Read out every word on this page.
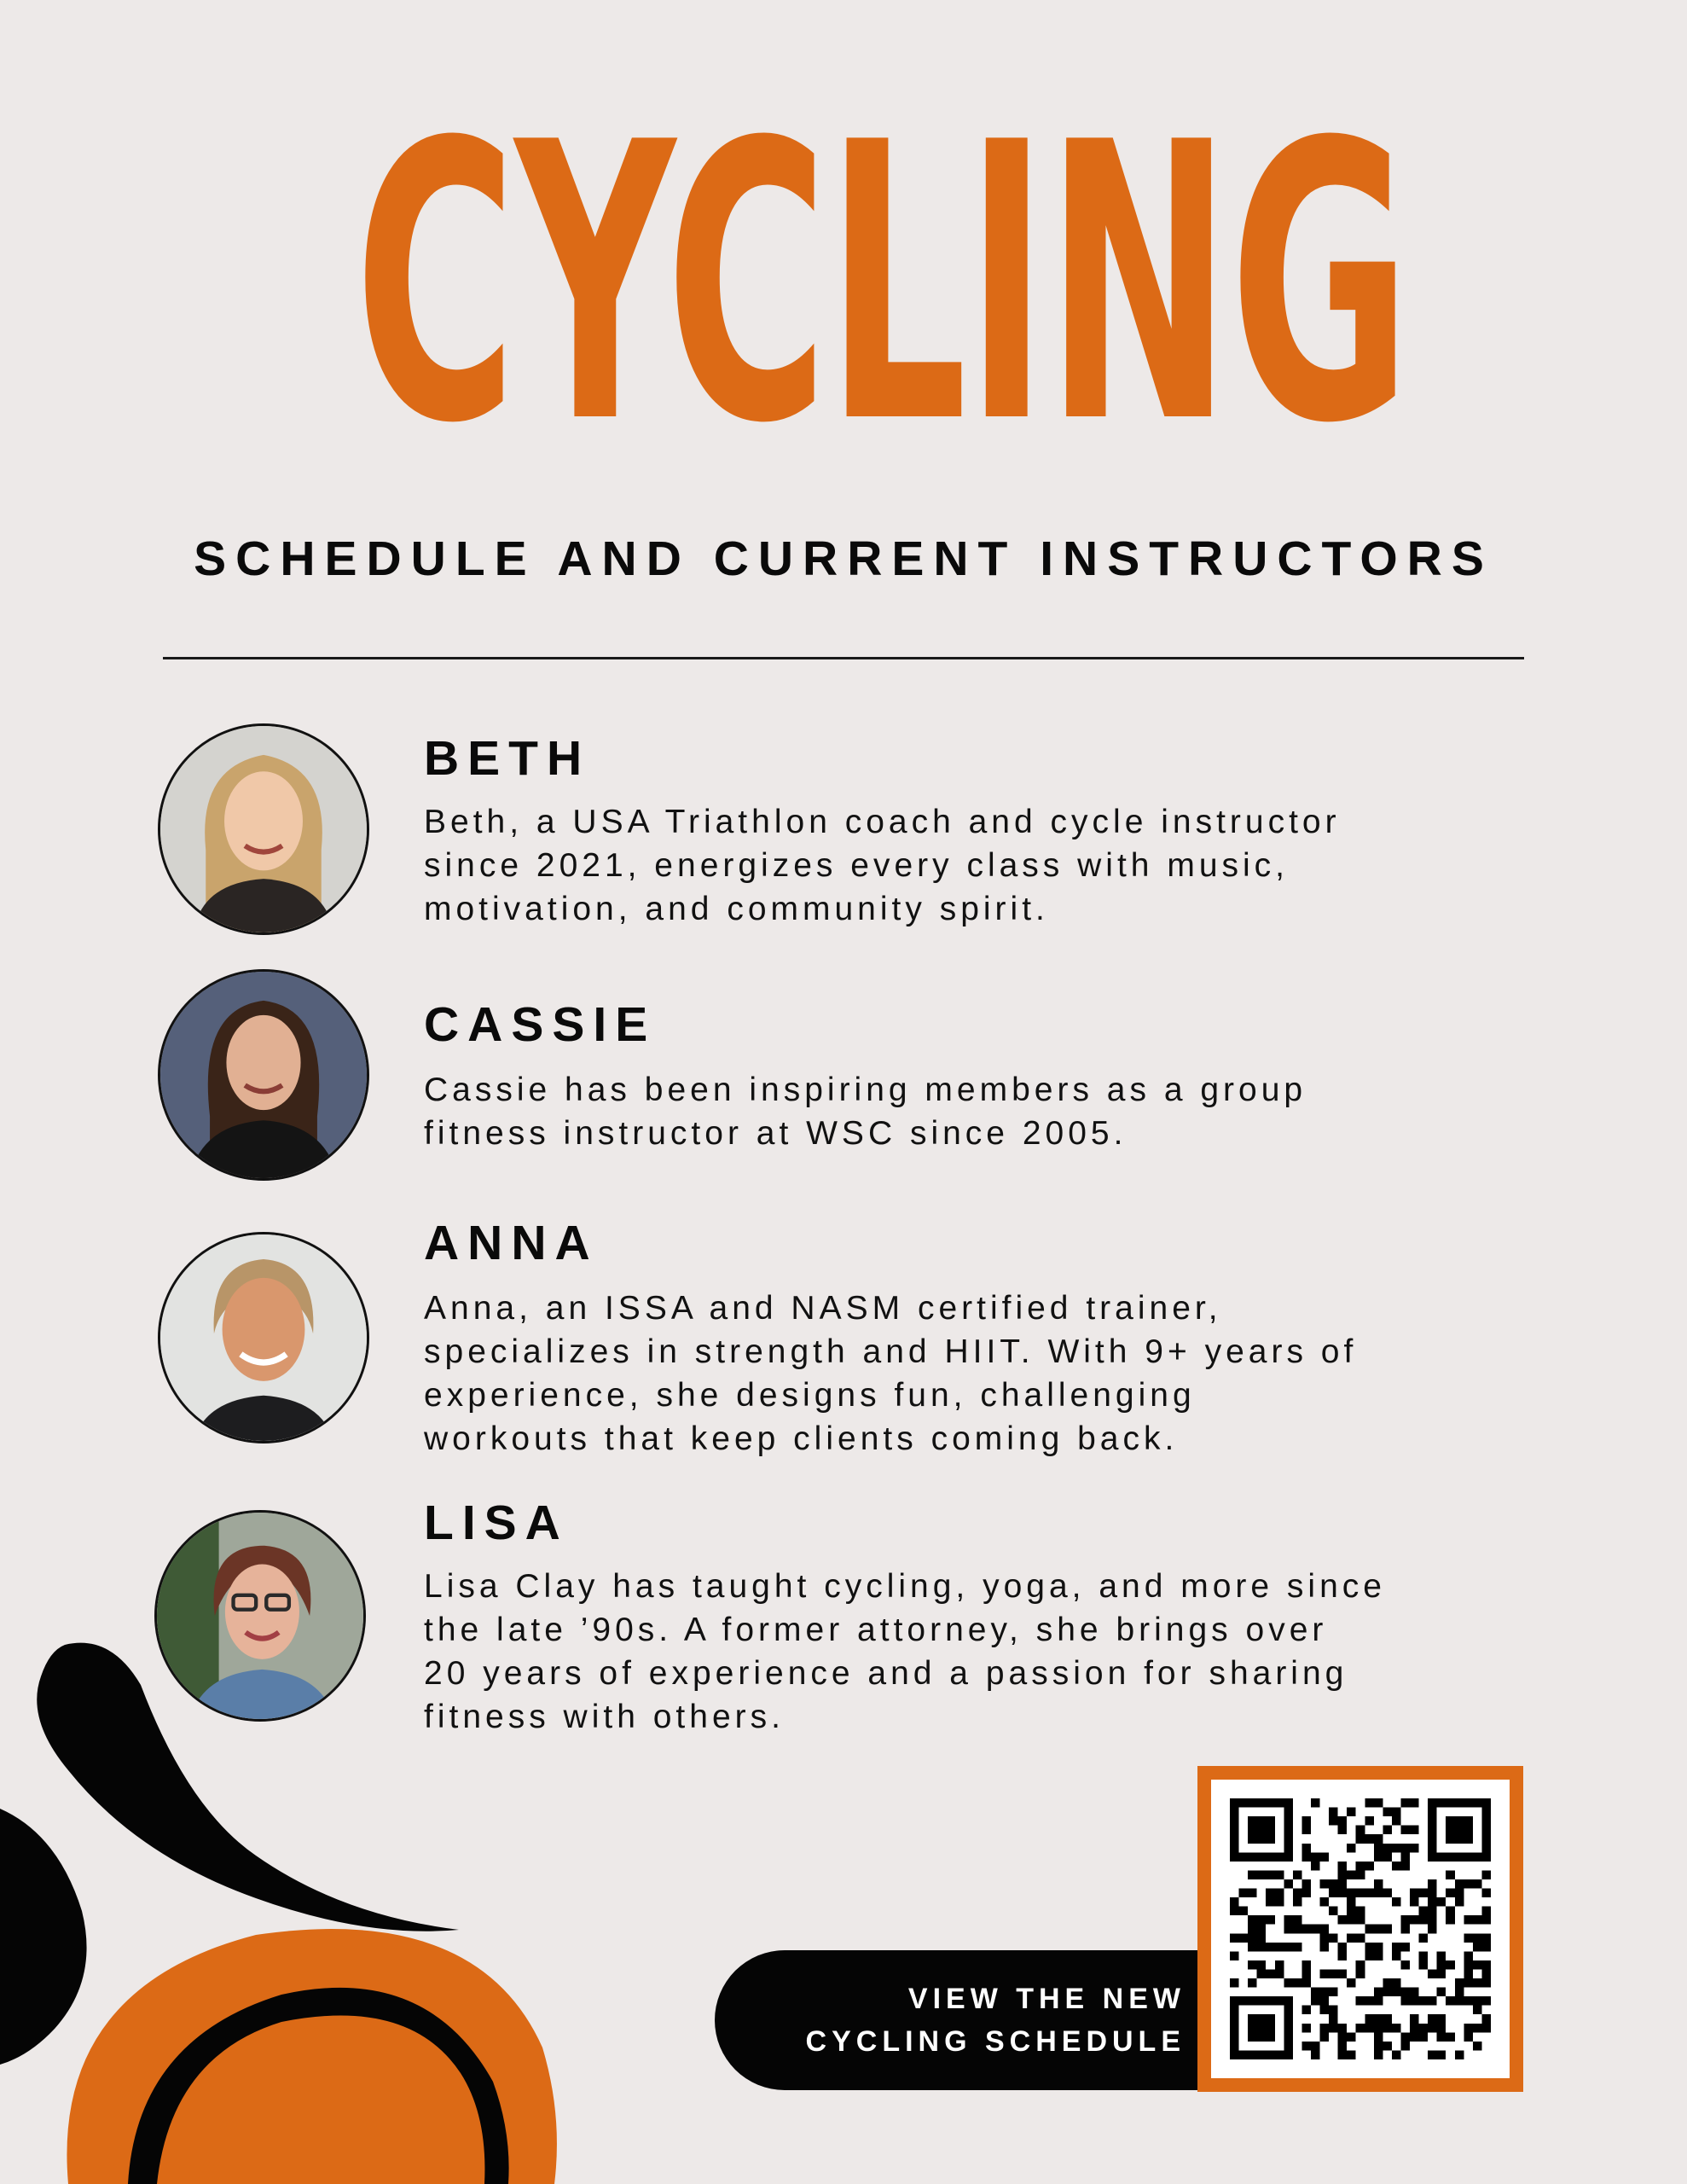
CYCLING
SCHEDULE AND CURRENT INSTRUCTORS
BETH
Beth, a USA Triathlon coach and cycle instructor
since 2021, energizes every class with music,
motivation, and community spirit.
CASSIE
Cassie has been inspiring members as a group
fitness instructor at WSC since 2005.
ANNA
Anna, an ISSA and NASM certified trainer,
specializes in strength and HIIT. With 9+ years of
experience, she designs fun, challenging
workouts that keep clients coming back.
LISA
Lisa Clay has taught cycling, yoga, and more since
the late ’90s. A former attorney, she brings over
20 years of experience and a passion for sharing
fitness with others.
VIEW THE NEW
CYCLING SCHEDULE
